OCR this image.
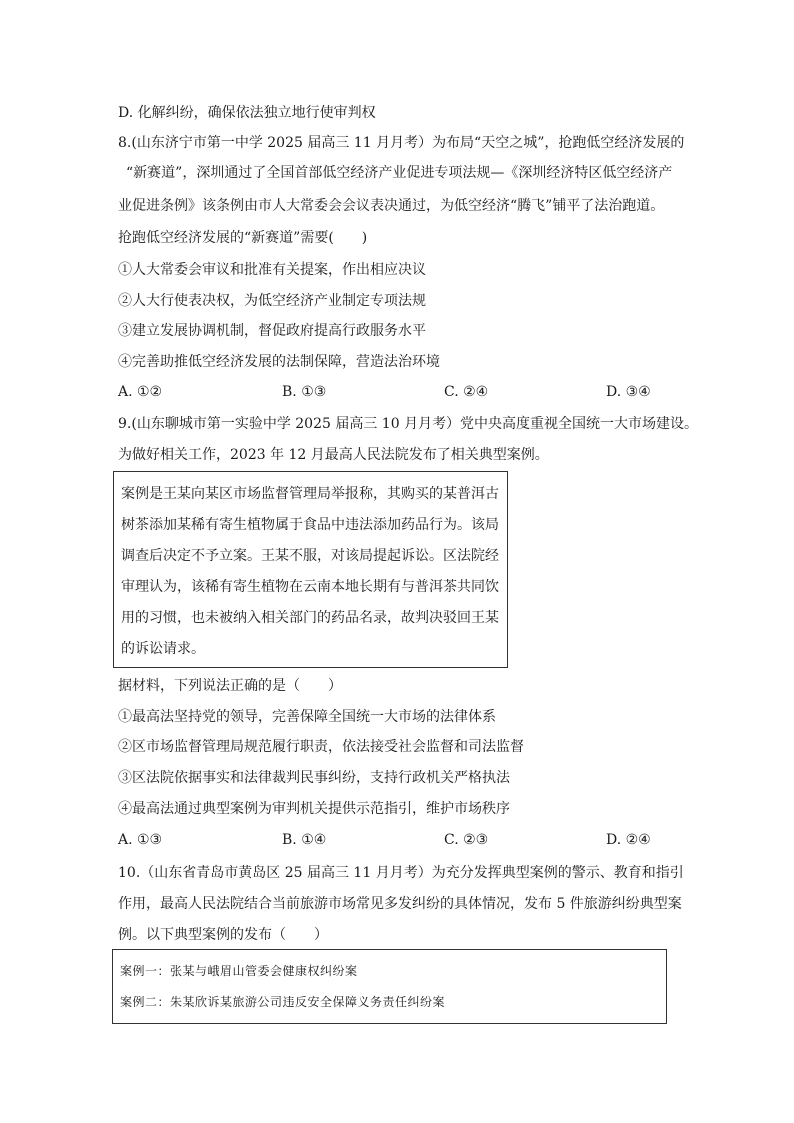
D. 化解纠纷，确保依法独立地行使审判权
8.(山东济宁市第一中学 2025 届高三 11 月月考）为布局“天空之城”，抢跑低空经济发展的
“新赛道”，深圳通过了全国首部低空经济产业促进专项法规—《深圳经济特区低空经济产
业促进条例》该条例由市人大常委会会议表决通过，为低空经济“腾飞”铺平了法治跑道。
抢跑低空经济发展的“新赛道”需要(　　)
①人大常委会审议和批准有关提案，作出相应决议
②人大行使表决权，为低空经济产业制定专项法规
③建立发展协调机制，督促政府提高行政服务水平
④完善助推低空经济发展的法制保障，营造法治环境
A. ①②	B. ①③	C. ②④	D. ③④
9.(山东聊城市第一实验中学 2025 届高三 10 月月考）党中央高度重视全国统一大市场建设。
为做好相关工作，2023 年 12 月最高人民法院发布了相关典型案例。
案例是王某向某区市场监督管理局举报称，其购买的某普洱古
树茶添加某稀有寄生植物属于食品中违法添加药品行为。该局
调查后决定不予立案。王某不服，对该局提起诉讼。区法院经
审理认为，该稀有寄生植物在云南本地长期有与普洱茶共同饮
用的习惯，也未被纳入相关部门的药品名录，故判决驳回王某
的诉讼请求。
据材料，下列说法正确的是（　　）
①最高法坚持党的领导，完善保障全国统一大市场的法律体系
②区市场监督管理局规范履行职责，依法接受社会监督和司法监督
③区法院依据事实和法律裁判民事纠纷，支持行政机关严格执法
④最高法通过典型案例为审判机关提供示范指引，维护市场秩序
A. ①③	B. ①④	C. ②③	D. ②④
10.（山东省青岛市黄岛区 25 届高三 11 月月考）为充分发挥典型案例的警示、教育和指引
作用，最高人民法院结合当前旅游市场常见多发纠纷的具体情况，发布 5 件旅游纠纷典型案
例。以下典型案例的发布（　　）
案例一：张某与峨眉山管委会健康权纠纷案
案例二：朱某欣诉某旅游公司违反安全保障义务责任纠纷案
